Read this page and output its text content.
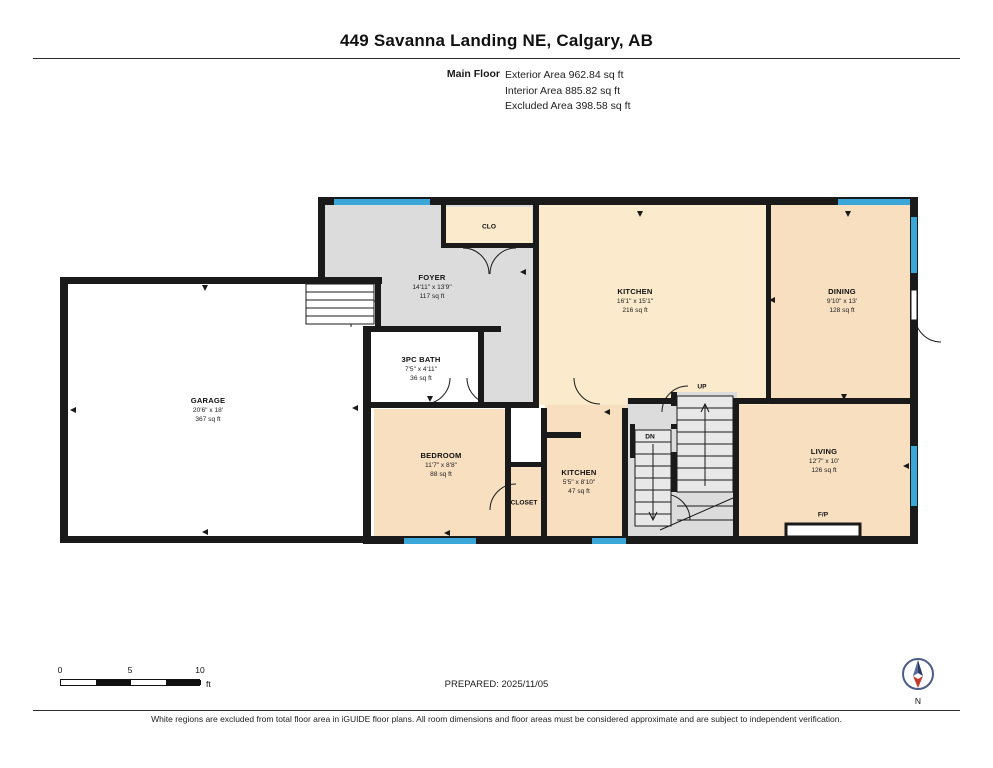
449 Savanna Landing NE, Calgary, AB
Main Floor Exterior Area 962.84 sq ft
Interior Area 885.82 sq ft
Excluded Area 398.58 sq ft
GARAGE
20'6" x 18'
367 sq ft
FOYER
14'11" x 13'9"
117 sq ft
3PC BATH
7'5" x 4'11"
36 sq ft
BEDROOM
11'7" x 8'8"
88 sq ft
KITCHEN
16'1" x 15'1"
216 sq ft
KITCHEN
5'5" x 8'10"
47 sq ft
DINING
9'10" x 13'
128 sq ft
LIVING
12'7" x 10'
126 sq ft
CLO
CLOSET
UP
DN
F/P
PREPARED: 2025/11/05
0	5	10
ft
N
White regions are excluded from total floor area in iGUIDE floor plans. All room dimensions and floor areas must be considered approximate and are subject to independent verification.
